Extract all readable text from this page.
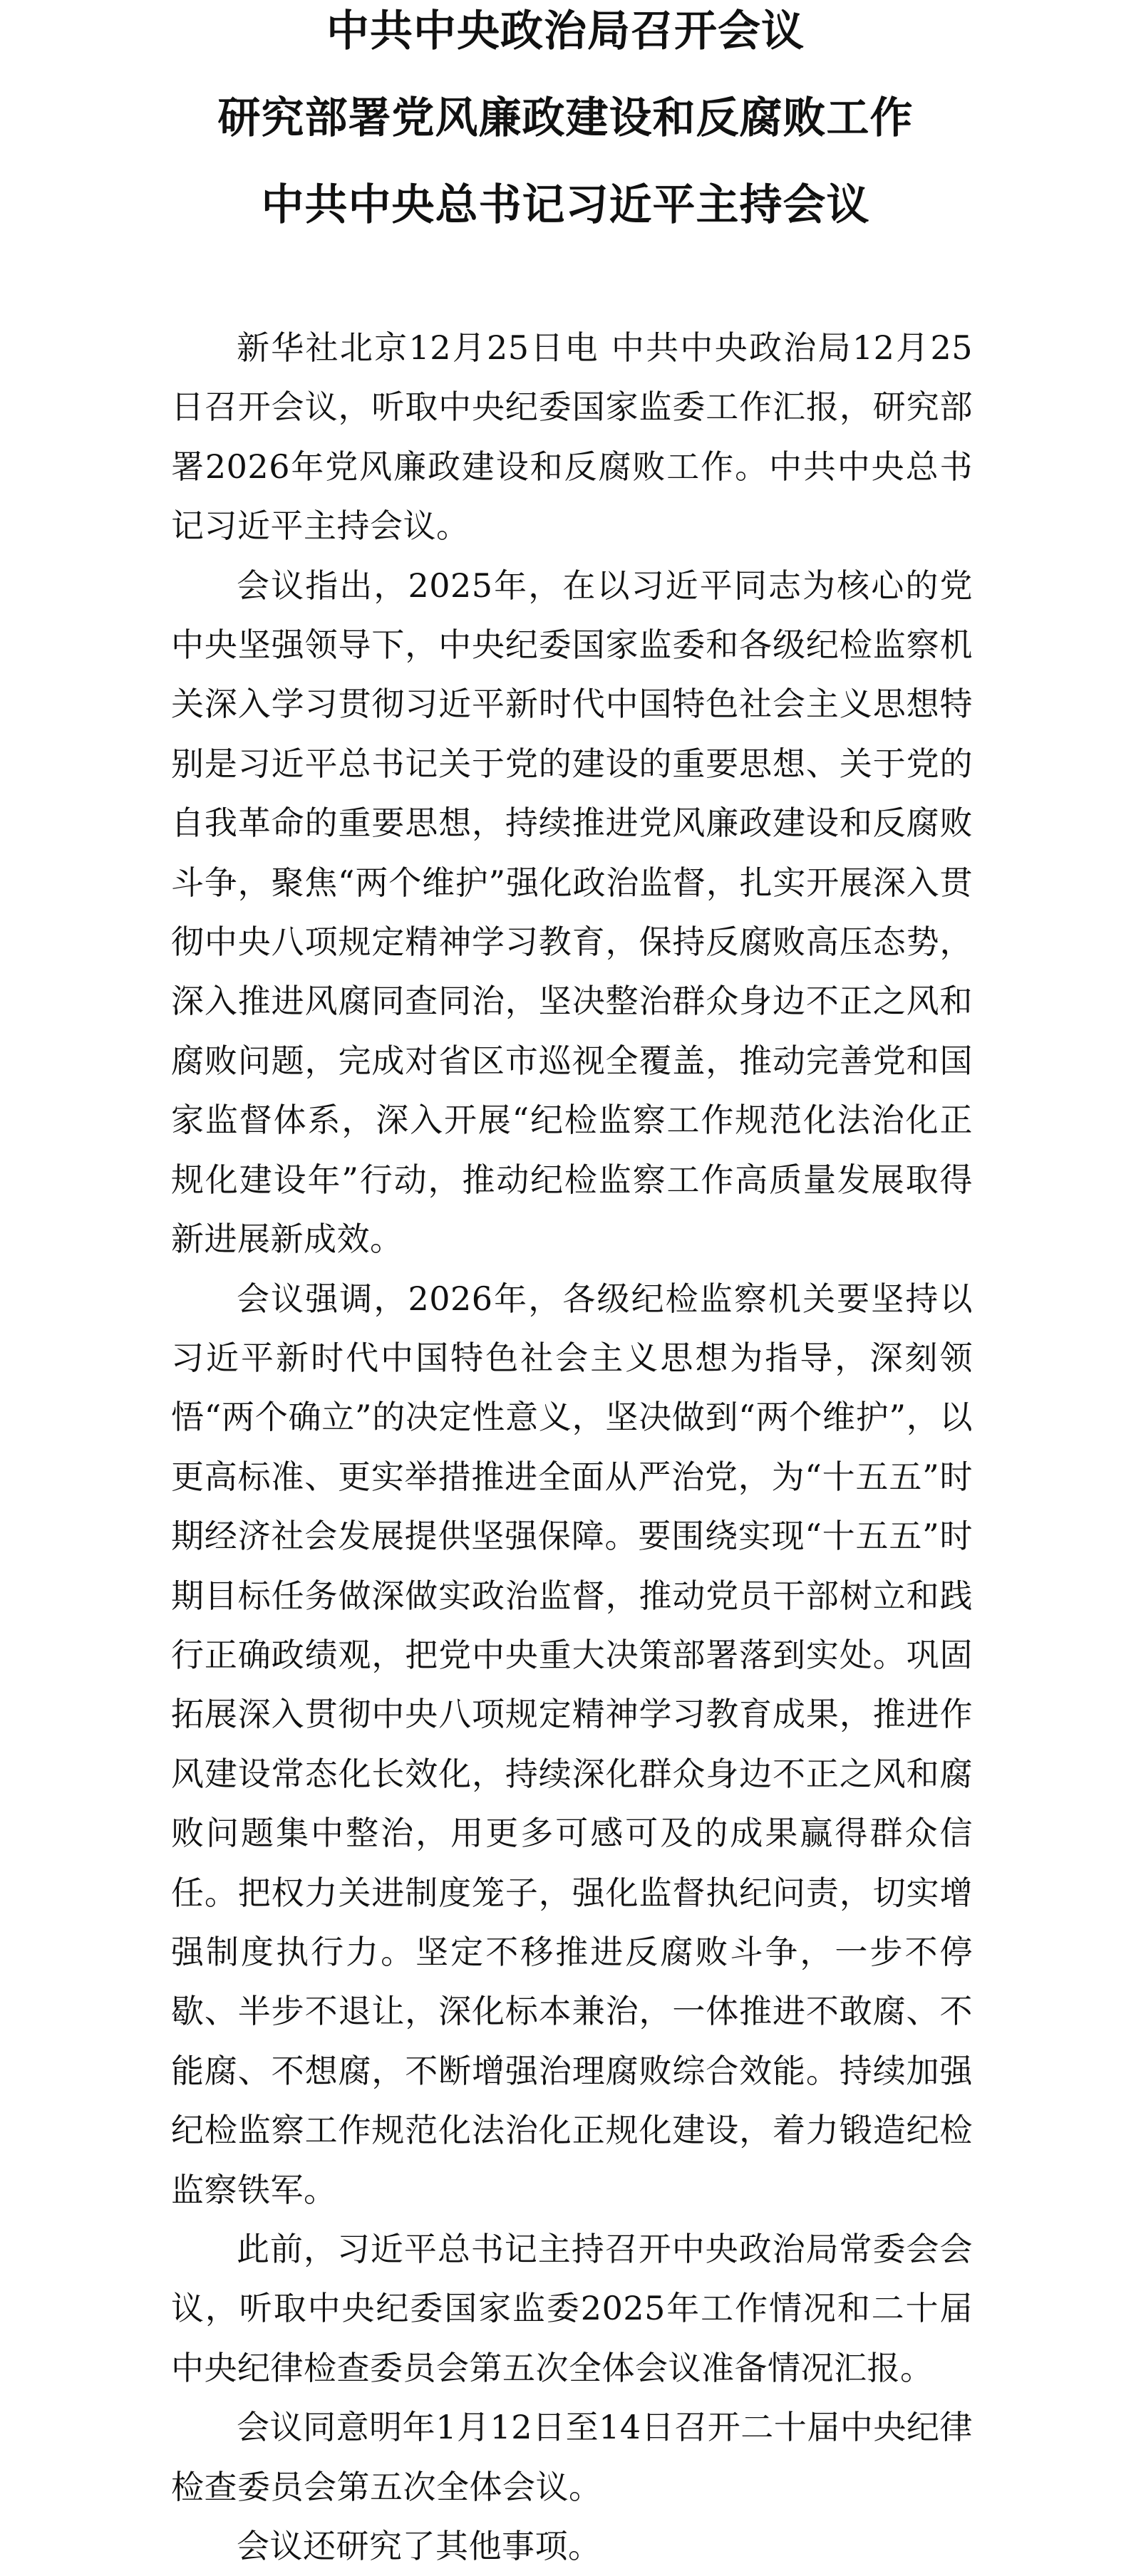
中共中央政治局召开会议
研究部署党风廉政建设和反腐败工作
中共中央总书记习近平主持会议

新华社北京12月25日电 中共中央政治局12月25日召开会议，听取中央纪委国家监委工作汇报，研究部署2026年党风廉政建设和反腐败工作。中共中央总书记习近平主持会议。

会议指出，2025年，在以习近平同志为核心的党中央坚强领导下，中央纪委国家监委和各级纪检监察机关深入学习贯彻习近平新时代中国特色社会主义思想特别是习近平总书记关于党的建设的重要思想、关于党的自我革命的重要思想，持续推进党风廉政建设和反腐败斗争，聚焦“两个维护”强化政治监督，扎实开展深入贯彻中央八项规定精神学习教育，保持反腐败高压态势，深入推进风腐同查同治，坚决整治群众身边不正之风和腐败问题，完成对省区市巡视全覆盖，推动完善党和国家监督体系，深入开展“纪检监察工作规范化法治化正规化建设年”行动，推动纪检监察工作高质量发展取得新进展新成效。

会议强调，2026年，各级纪检监察机关要坚持以习近平新时代中国特色社会主义思想为指导，深刻领悟“两个确立”的决定性意义，坚决做到“两个维护”，以更高标准、更实举措推进全面从严治党，为“十五五”时期经济社会发展提供坚强保障。要围绕实现“十五五”时期目标任务做深做实政治监督，推动党员干部树立和践行正确政绩观，把党中央重大决策部署落到实处。巩固拓展深入贯彻中央八项规定精神学习教育成果，推进作风建设常态化长效化，持续深化群众身边不正之风和腐败问题集中整治，用更多可感可及的成果赢得群众信任。把权力关进制度笼子，强化监督执纪问责，切实增强制度执行力。坚定不移推进反腐败斗争，一步不停歇、半步不退让，深化标本兼治，一体推进不敢腐、不能腐、不想腐，不断增强治理腐败综合效能。持续加强纪检监察工作规范化法治化正规化建设，着力锻造纪检监察铁军。

此前，习近平总书记主持召开中央政治局常委会会议，听取中央纪委国家监委2025年工作情况和二十届中央纪律检查委员会第五次全体会议准备情况汇报。

会议同意明年1月12日至14日召开二十届中央纪律检查委员会第五次全体会议。

会议还研究了其他事项。
